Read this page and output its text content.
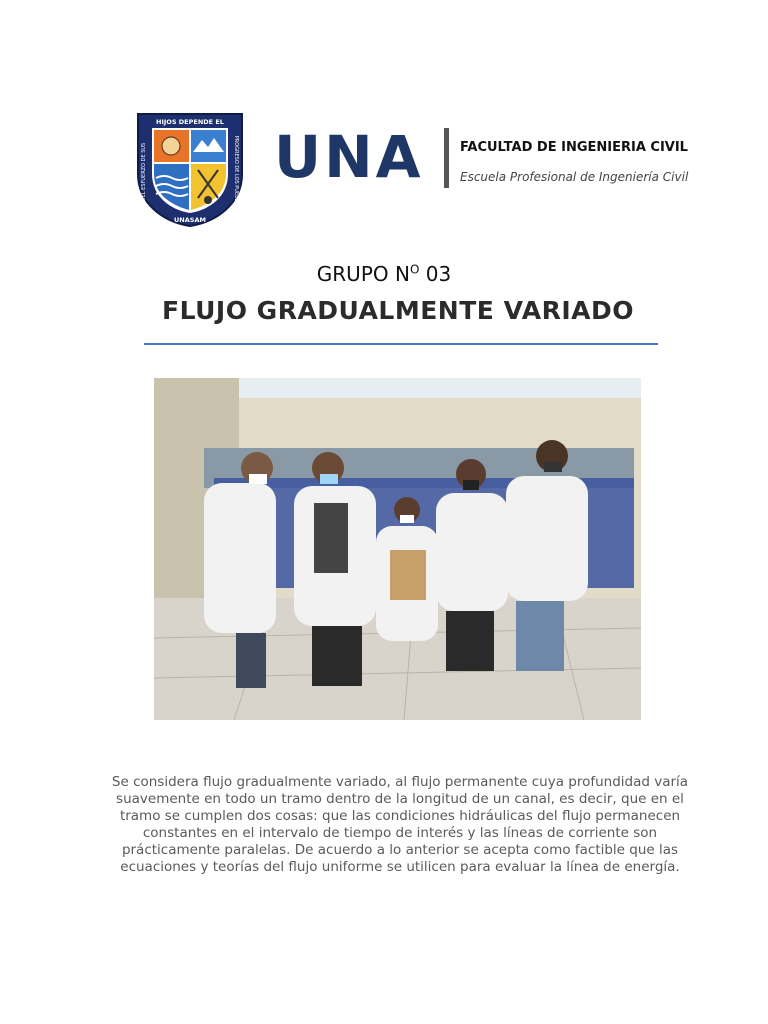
HIJOS DEPENDE EL
DEL ESFUERZO DE SUS	PROGRESO DE LOS PUEBLOS
UNASAM
UNA	FACULTAD DE INGENIERIA CIVIL
Escuela Profesional de Ingeniería Civil
GRUPO $N^O$ 03
FLUJO GRADUALMENTE VARIADO

Se considera flujo gradualmente variado, al flujo permanente cuya profundidad varía suavemente en todo un tramo dentro de la longitud de un canal, es decir, que en el tramo se cumplen dos cosas: que las condiciones hidráulicas del flujo permanecen constantes en el intervalo de tiempo de interés y las líneas de corriente son prácticamente paralelas. De acuerdo a lo anterior se acepta como factible que las ecuaciones y teorías del flujo uniforme se utilicen para evaluar la línea de energía.
